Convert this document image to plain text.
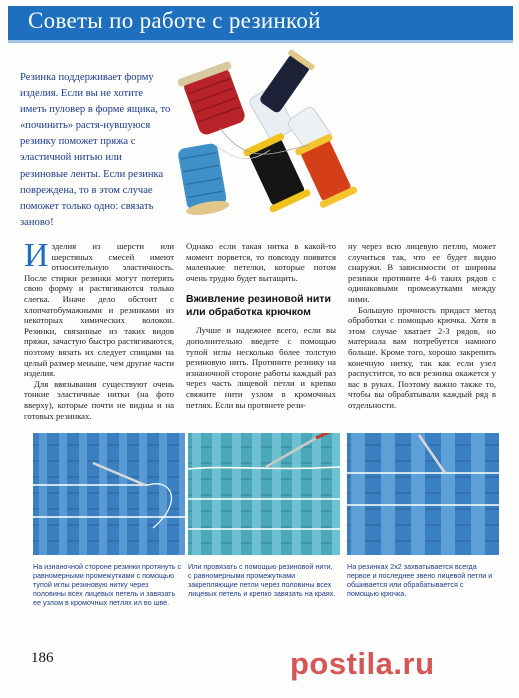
Советы по работе с резинкой
Резинка поддерживает форму изделия. Если вы не хотите иметь пуловер в форме ящика, то «починить» растя-нувшуюся резинку поможет пряжа с эластичной нитью или резиновые ленты. Если резинка повреждена, то в этом случае поможет только одно: связать заново!

Изделия из шерсти или шерстяных смесей имеют относительную эластичность. После стирки резинки могут потерять свою форму и растягиваются только слегка. Иначе дело обстоит с хлопчатобумажными и резинками из некоторых химических волокон. Резинки, связанные из таких видов пряжи, зачастую быстро растягиваются, поэтому вязать их следует спицами на целый размер меньше, чем другие части изделия.

Для ввязывания существуют очень тонкие эластичные нитки (на фото вверху), которые почти не видны и на готовых резинках.

Однако если такая нитка в какой-то момент порвется, то повсюду появятся маленькие петелки, которые потом очень трудно будет вытащить.

Вживление резиновой нити или обработка крючком

Лучше и надежнее всего, если вы дополнительно введете с помощью тупой иглы несколько более толстую резиновую нить. Протяните резинку на изнаночной стороне работы каждый раз через часть лицевой петли и крепко свяжите нити узлом в кромочных петлях. Если вы протянете рези-

ну через всю лицевую петлю, может случиться так, что ее будет видно снаружи. В зависимости от ширины резинки протяните 4-6 таких рядов с одинаковыми промежутками между ними.

Большую прочность придаст метод обработки с помощью крючка. Хотя в этом случае хватает 2-3 рядов, но материала вам потребуется намного больше. Кроме того, хорошо закрепить конечную нитку, так как если узел распустится, то вся резинка окажется у вас в руках. Поэтому важно также то, чтобы вы обрабатывали каждый ряд в отдельности.

На изнаночной стороне резинки протянуть с равномерными промежутками с помощью тупой иглы резиновую нитку через половины всех лицевых петель и завязать ее узлом в кромочных петлях ил во шве.
Или провязать с помощью резиновой нити, с равномерными промежутками закрепляющие петли через половины всех лицевых петель и крепко завязать на краях.
На резинках 2х2 захватывается всегда первое и последнее звено лицевой петли и обшивается или обрабатывается с помощью крючка.
186	postila.ru
